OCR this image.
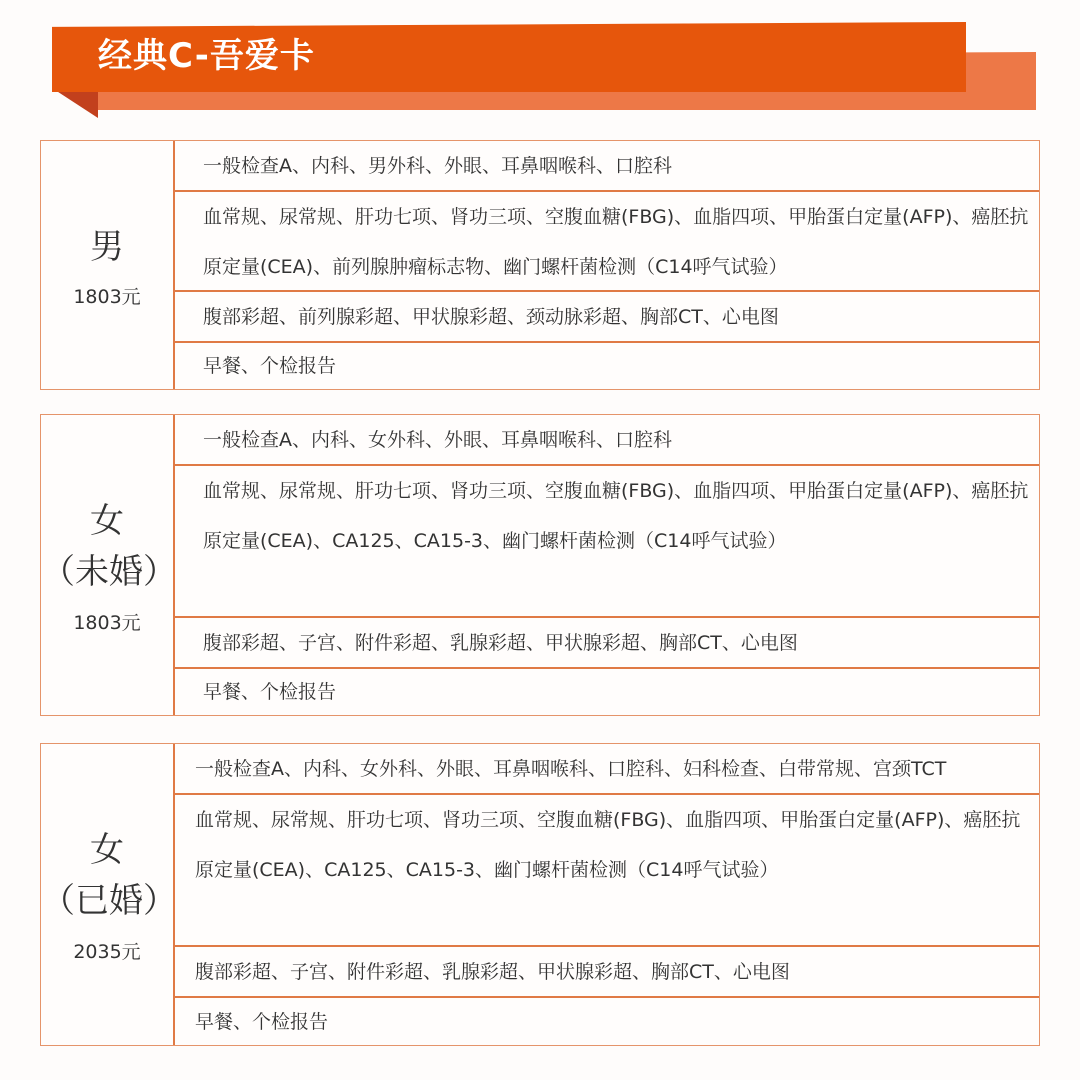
经典C-吾爱卡
男
1803元
一般检查A、内科、男外科、外眼、耳鼻咽喉科、口腔科
血常规、尿常规、肝功七项、肾功三项、空腹血糖(FBG)、血脂四项、甲胎蛋白定量(AFP)、癌胚抗原定量(CEA)、前列腺肿瘤标志物、幽门螺杆菌检测（C14呼气试验）
腹部彩超、前列腺彩超、甲状腺彩超、颈动脉彩超、胸部CT、心电图
早餐、个检报告
女
（未婚）
1803元
一般检查A、内科、女外科、外眼、耳鼻咽喉科、口腔科
血常规、尿常规、肝功七项、肾功三项、空腹血糖(FBG)、血脂四项、甲胎蛋白定量(AFP)、癌胚抗原定量(CEA)、CA125、CA15-3、幽门螺杆菌检测（C14呼气试验）
腹部彩超、子宫、附件彩超、乳腺彩超、甲状腺彩超、胸部CT、心电图
早餐、个检报告
女
（已婚）
2035元
一般检查A、内科、女外科、外眼、耳鼻咽喉科、口腔科、妇科检查、白带常规、宫颈TCT
血常规、尿常规、肝功七项、肾功三项、空腹血糖(FBG)、血脂四项、甲胎蛋白定量(AFP)、癌胚抗原定量(CEA)、CA125、CA15-3、幽门螺杆菌检测（C14呼气试验）
腹部彩超、子宫、附件彩超、乳腺彩超、甲状腺彩超、胸部CT、心电图
早餐、个检报告
